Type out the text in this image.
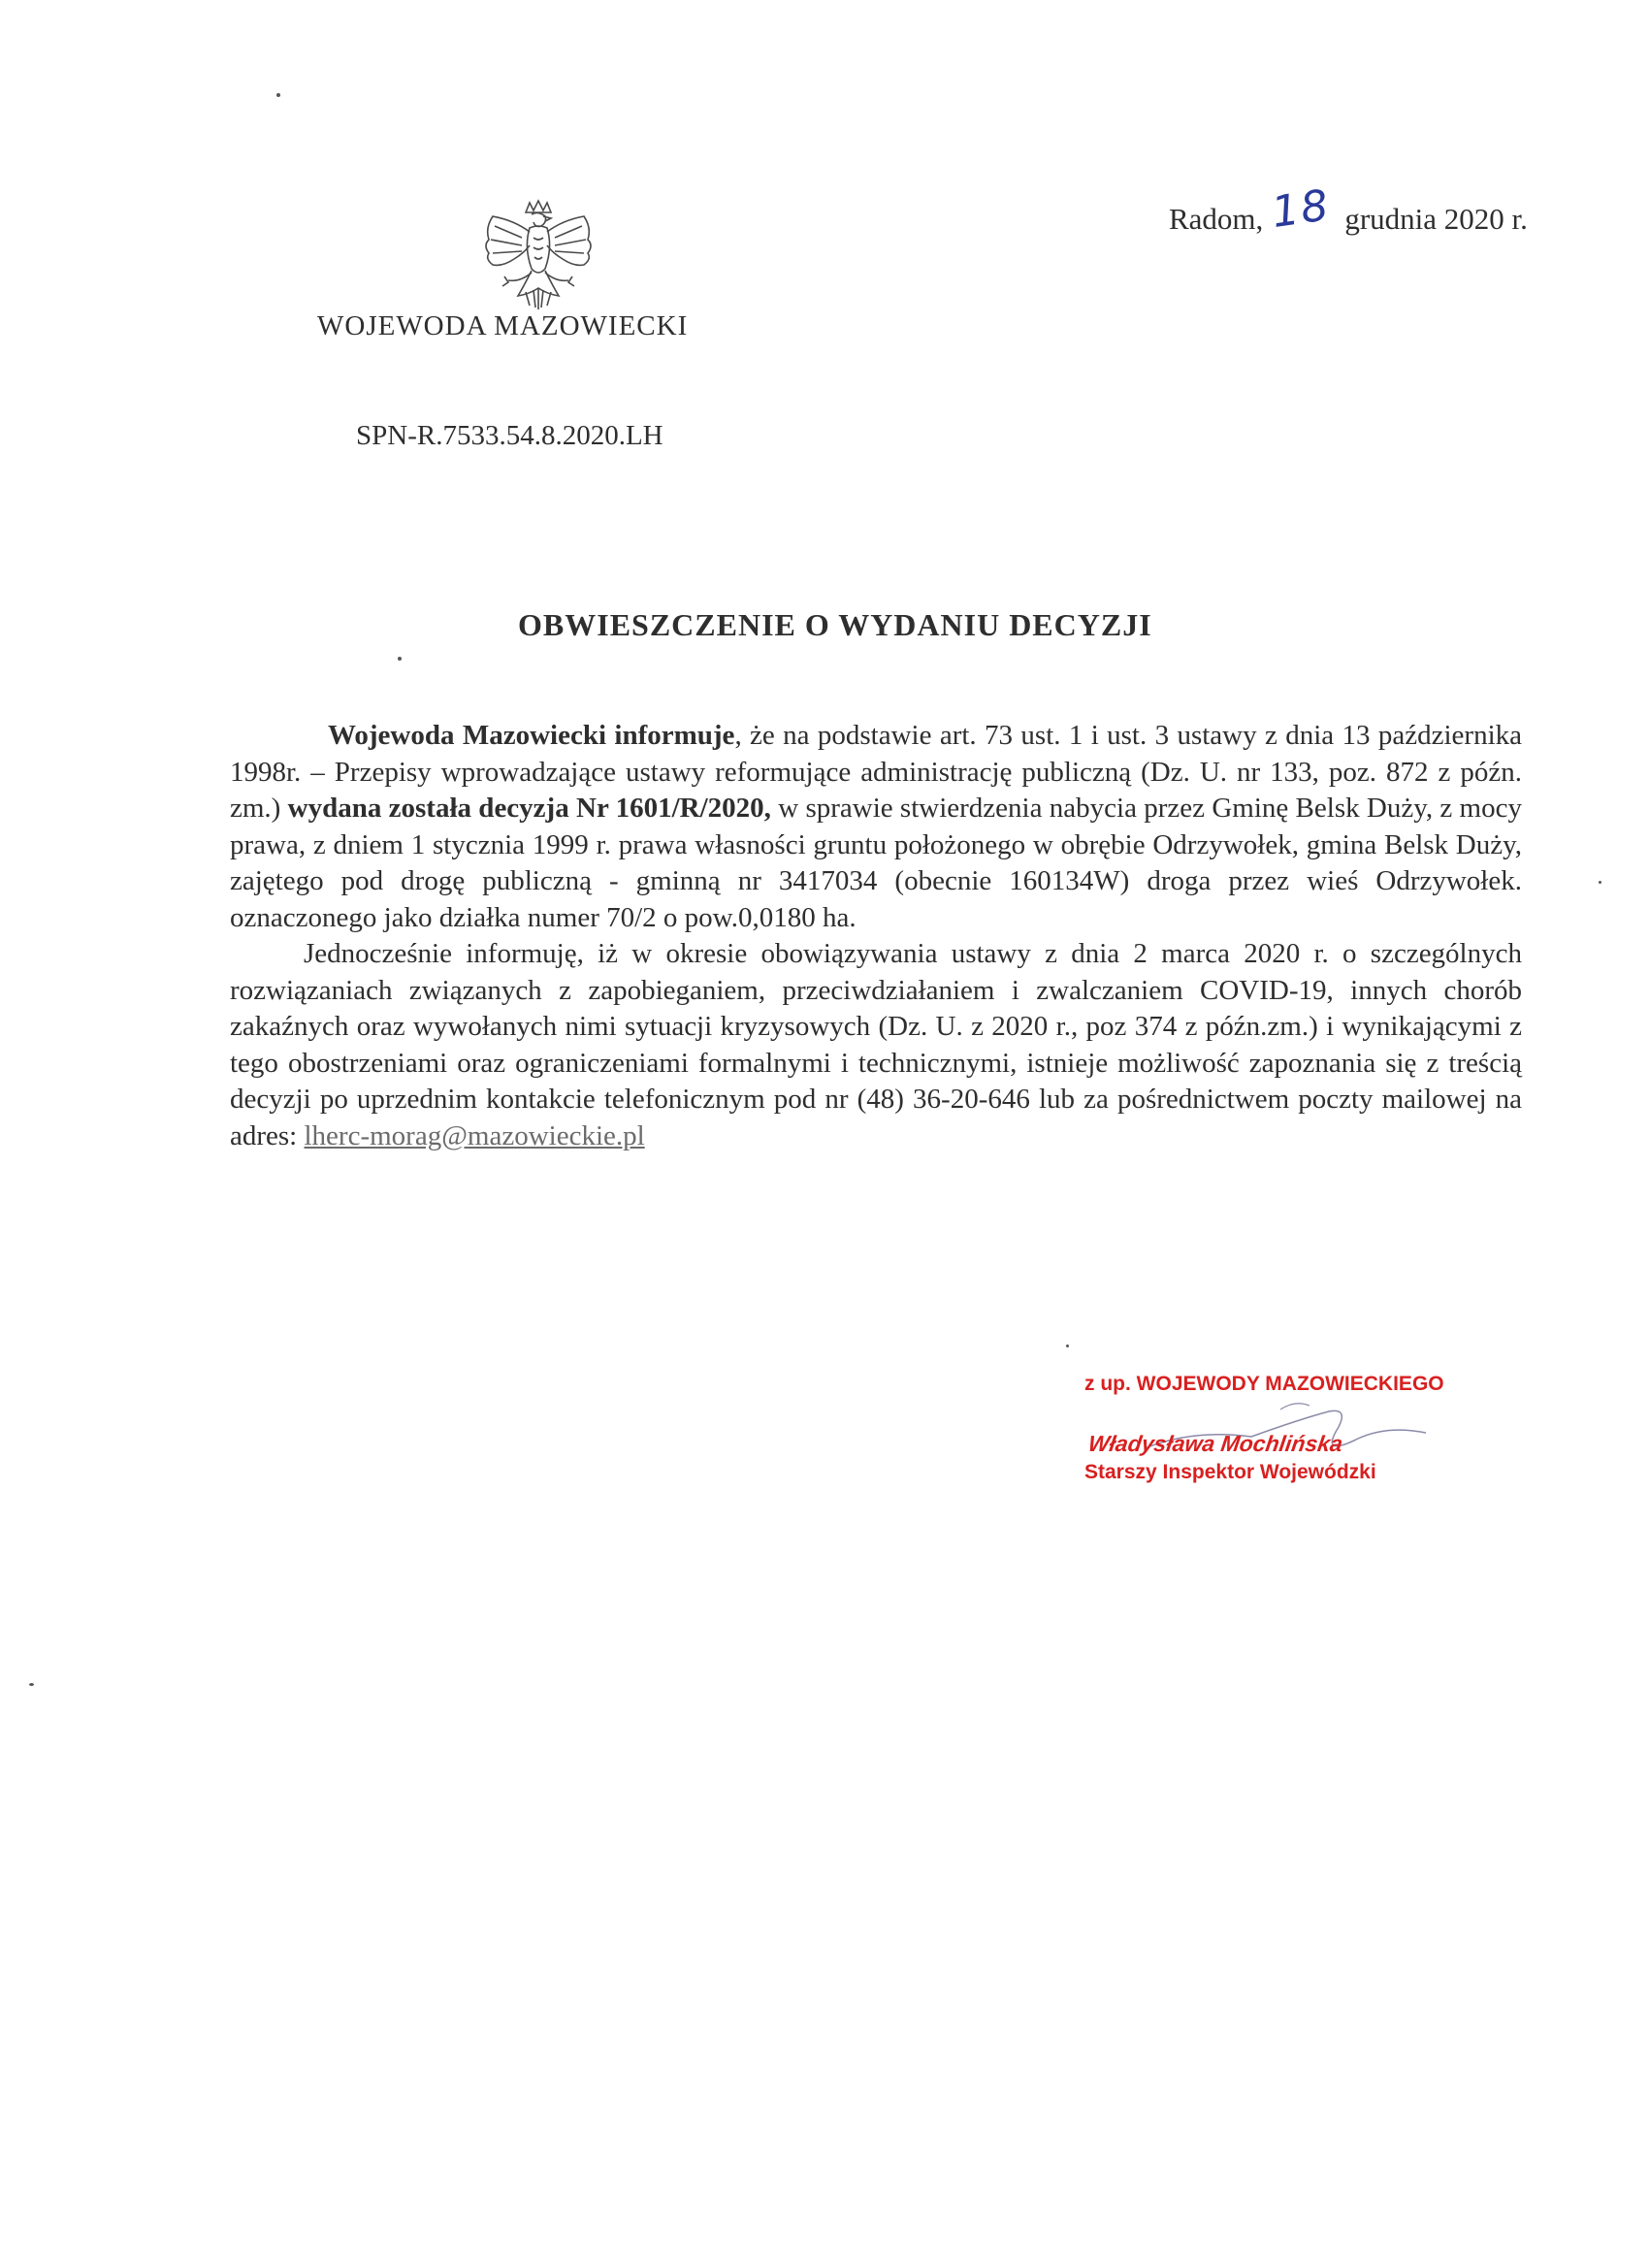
Radom, 18 grudnia 2020 r.
WOJEWODA MAZOWIECKI
SPN-R.7533.54.8.2020.LH
OBWIESZCZENIE O WYDANIU DECYZJI

Wojewoda Mazowiecki informuje, że na podstawie art. 73 ust. 1 i ust. 3 ustawy z dnia 13 października 1998r. – Przepisy wprowadzające ustawy reformujące administrację publiczną (Dz. U. nr 133, poz. 872 z późn. zm.) wydana została decyzja Nr 1601/R/2020, w sprawie stwierdzenia nabycia przez Gminę Belsk Duży, z mocy prawa, z dniem 1 stycznia 1999 r. prawa własności gruntu położonego w obrębie Odrzywołek, gmina Belsk Duży, zajętego pod drogę publiczną - gminną nr 3417034 (obecnie 160134W) droga przez wieś Odrzywołek. oznaczonego jako działka numer 70/2 o pow.0,0180 ha.

Jednocześnie informuję, iż w okresie obowiązywania ustawy z dnia 2 marca 2020 r. o szczególnych rozwiązaniach związanych z zapobieganiem, przeciwdziałaniem i zwalczaniem COVID-19, innych chorób zakaźnych oraz wywołanych nimi sytuacji kryzysowych (Dz. U. z 2020 r., poz 374 z późn.zm.) i wynikającymi z tego obostrzeniami oraz ograniczeniami formalnymi i technicznymi, istnieje możliwość zapoznania się z treścią decyzji po uprzednim kontakcie telefonicznym pod nr (48) 36-20-646 lub za pośrednictwem poczty mailowej na adres: lherc-morag@mazowieckie.pl

z up. WOJEWODY MAZOWIECKIEGO
Władysława Mochlińska
Starszy Inspektor Wojewódzki
